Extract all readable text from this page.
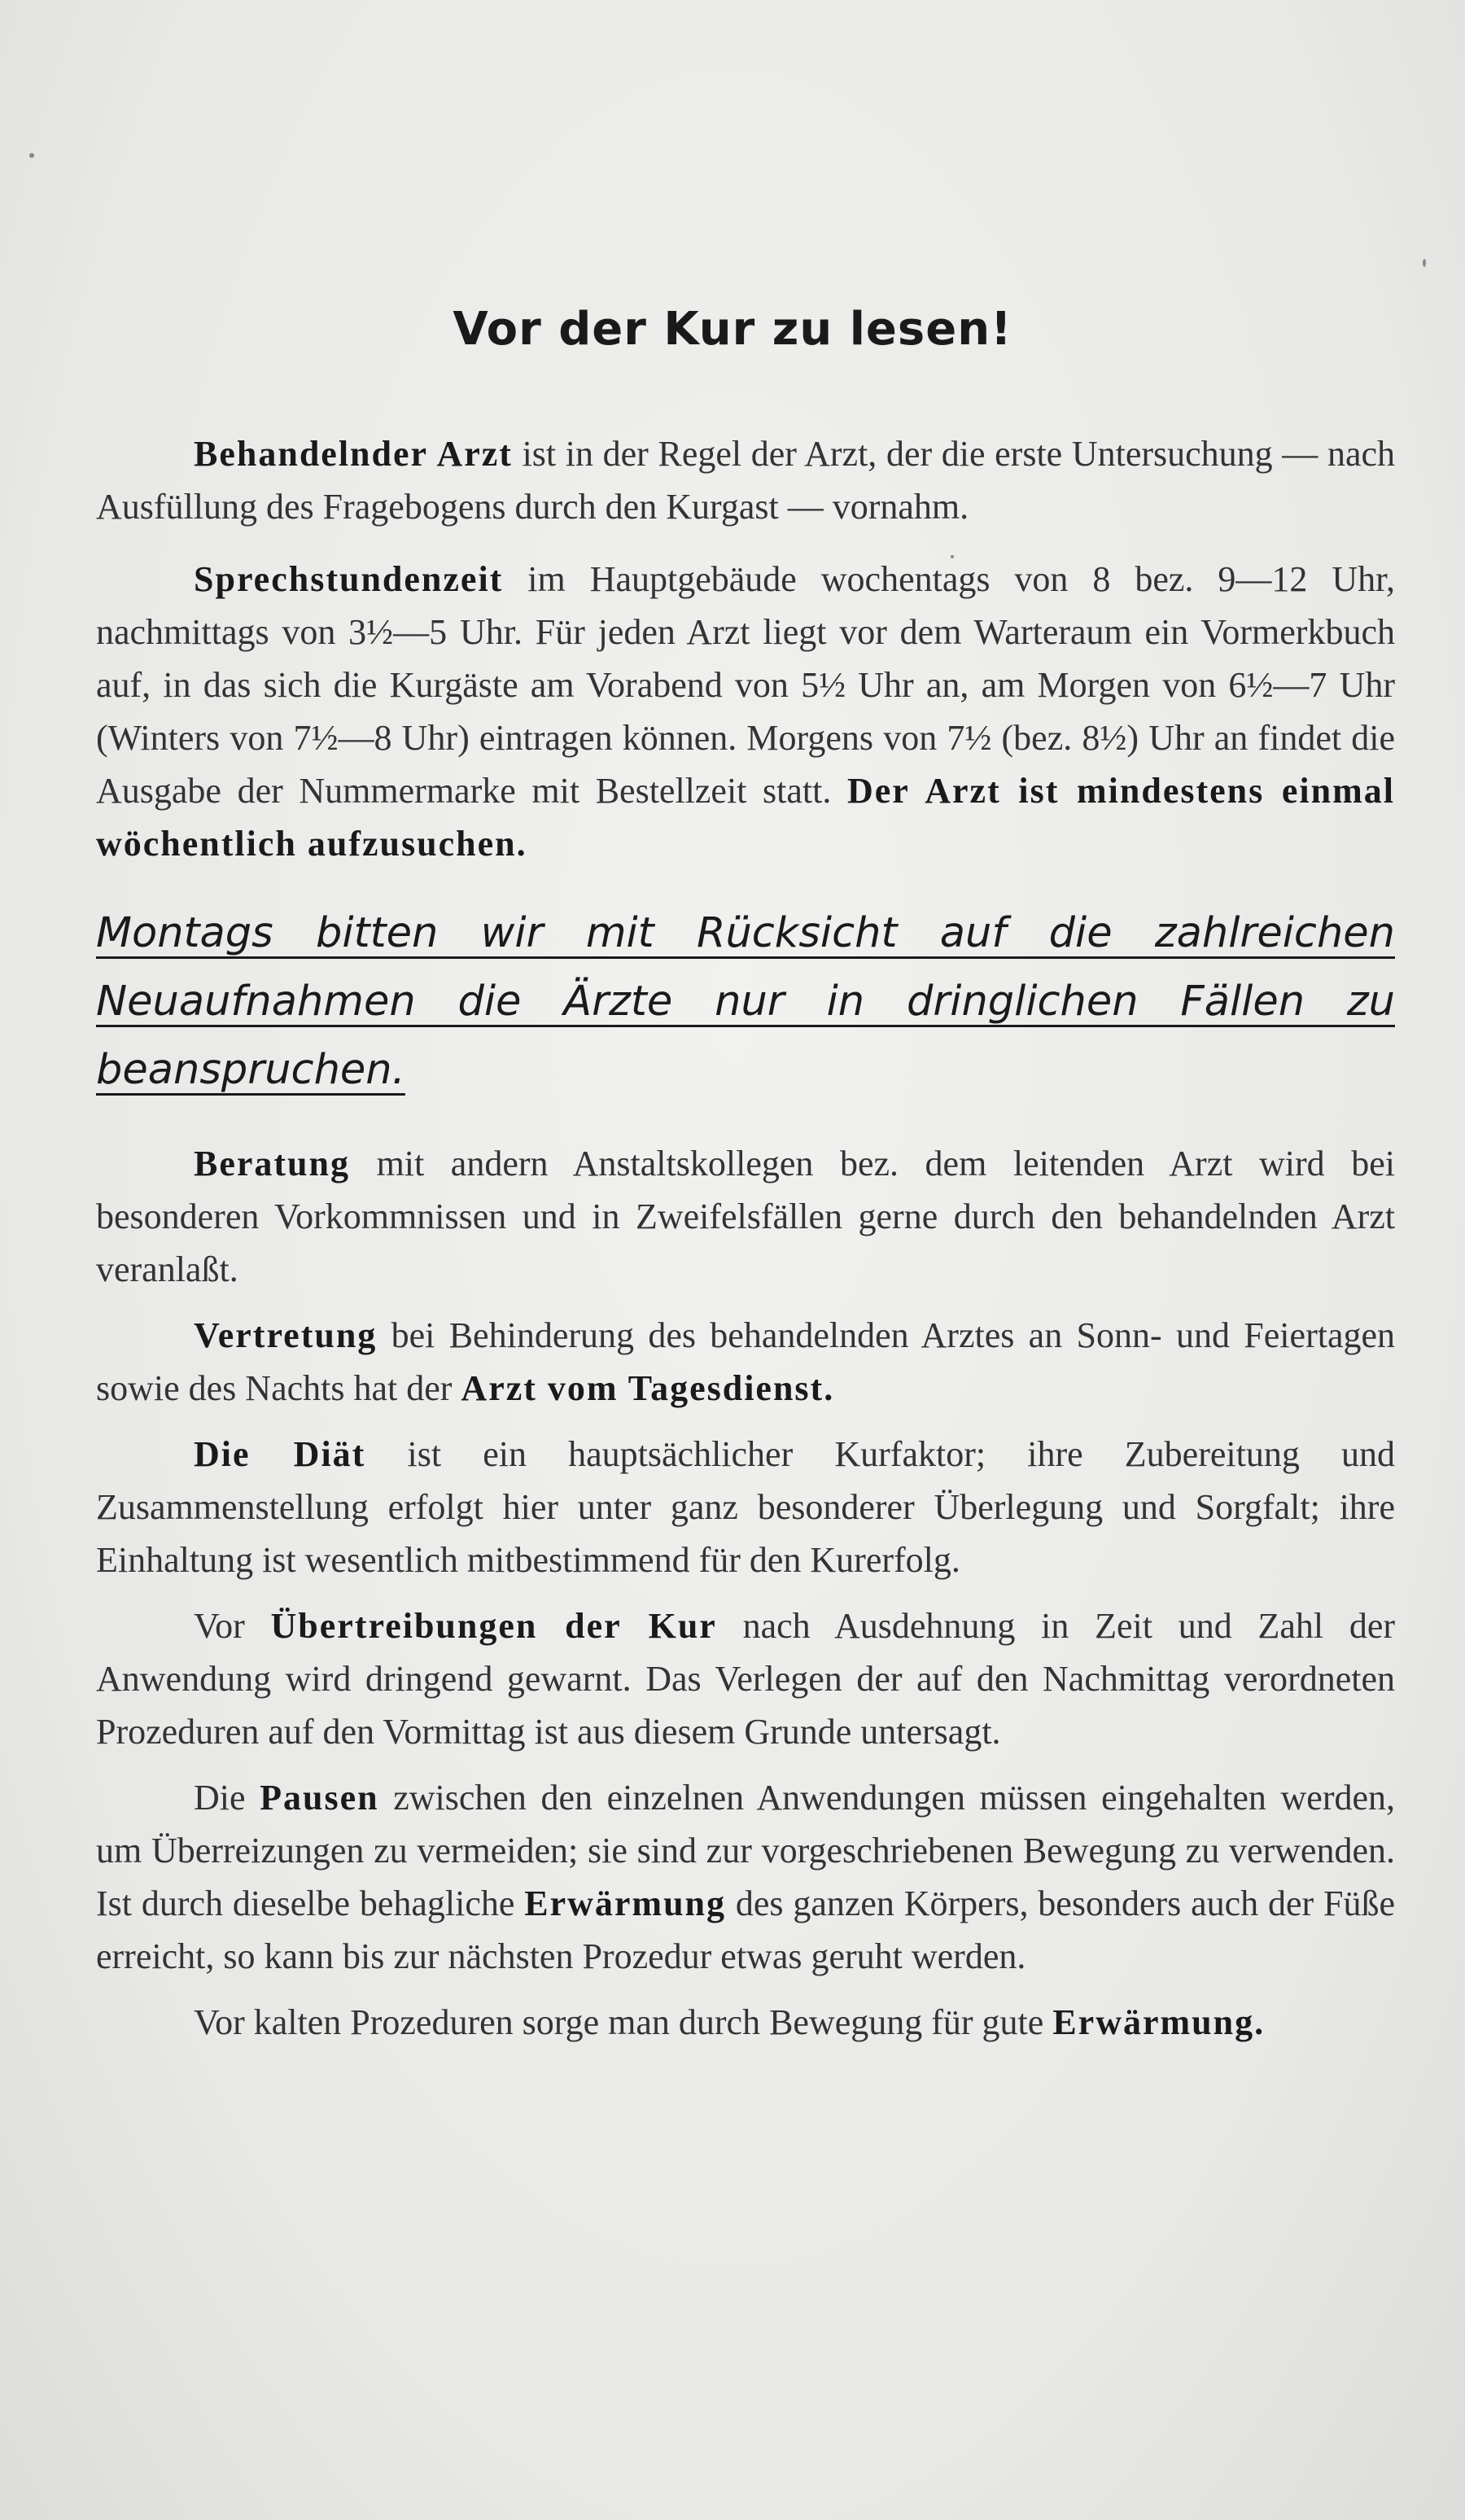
Vor der Kur zu lesen!

Behandelnder Arzt ist in der Regel der Arzt, der die erste Untersuchung — nach Ausfüllung des Fragebogens durch den Kurgast — vornahm.

Sprechstundenzeit im Hauptgebäude wochentags von 8 bez. 9—12 Uhr, nachmittags von 3½—5 Uhr. Für jeden Arzt liegt vor dem Warteraum ein Vormerkbuch auf, in das sich die Kurgäste am Vorabend von 5½ Uhr an, am Morgen von 6½—7 Uhr (Winters von 7½—8 Uhr) eintragen können. Morgens von 7½ (bez. 8½) Uhr an findet die Ausgabe der Nummermarke mit Bestellzeit statt. Der Arzt ist mindestens einmal wöchentlich aufzusuchen.

Montags bitten wir mit Rücksicht auf die zahlreichen Neuaufnahmen die Ärzte nur in dringlichen Fällen zu beanspruchen.

Beratung mit andern Anstaltskollegen bez. dem leitenden Arzt wird bei besonderen Vorkommnissen und in Zweifelsfällen gerne durch den behandelnden Arzt veranlaßt.

Vertretung bei Behinderung des behandelnden Arztes an Sonn- und Feiertagen sowie des Nachts hat der Arzt vom Tagesdienst.

Die Diät ist ein hauptsächlicher Kurfaktor; ihre Zubereitung und Zusammenstellung erfolgt hier unter ganz besonderer Überlegung und Sorgfalt; ihre Einhaltung ist wesentlich mitbestimmend für den Kurerfolg.

Vor Übertreibungen der Kur nach Ausdehnung in Zeit und Zahl der Anwendung wird dringend gewarnt. Das Verlegen der auf den Nachmittag verordneten Prozeduren auf den Vormittag ist aus diesem Grunde untersagt.

Die Pausen zwischen den einzelnen Anwendungen müssen eingehalten werden, um Überreizungen zu vermeiden; sie sind zur vorgeschriebenen Bewegung zu verwenden. Ist durch dieselbe behagliche Erwärmung des ganzen Körpers, besonders auch der Füße erreicht, so kann bis zur nächsten Prozedur etwas geruht werden.

Vor kalten Prozeduren sorge man durch Bewegung für gute Erwärmung.
